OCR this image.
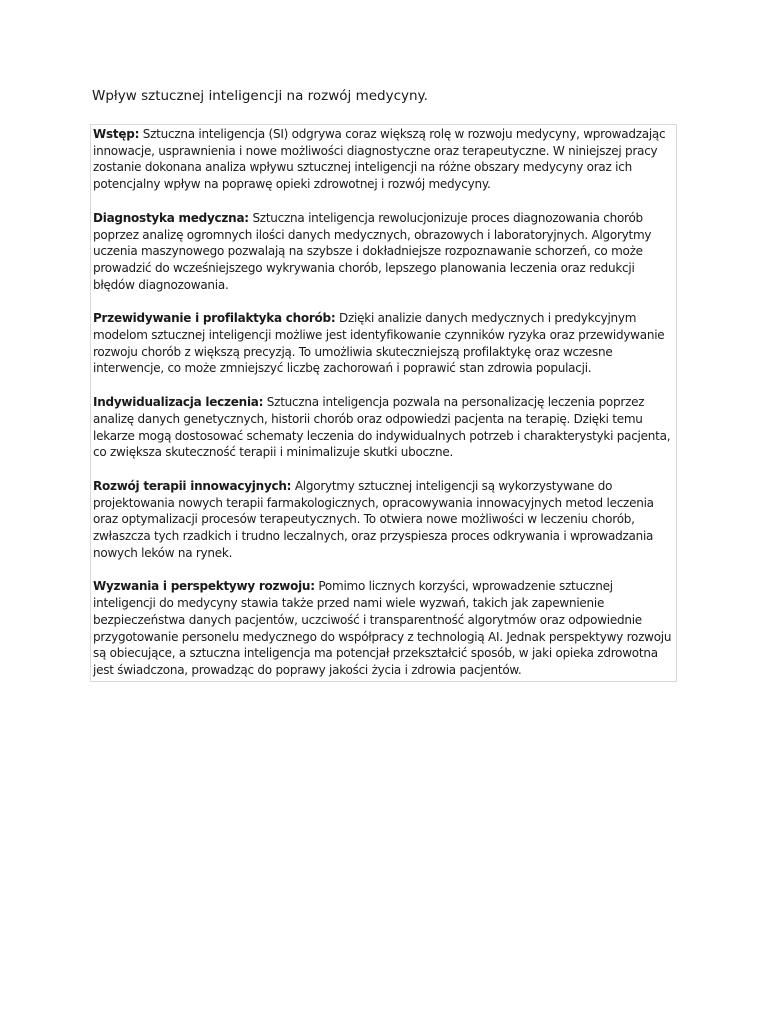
Wpływ sztucznej inteligencji na rozwój medycyny.

Wstęp: Sztuczna inteligencja (SI) odgrywa coraz większą rolę w rozwoju medycyny, wprowadzając innowacje, usprawnienia i nowe możliwości diagnostyczne oraz terapeutyczne. W niniejszej pracy zostanie dokonana analiza wpływu sztucznej inteligencji na różne obszary medycyny oraz ich potencjalny wpływ na poprawę opieki zdrowotnej i rozwój medycyny.

Diagnostyka medyczna: Sztuczna inteligencja rewolucjonizuje proces diagnozowania chorób poprzez analizę ogromnych ilości danych medycznych, obrazowych i laboratoryjnych. Algorytmy uczenia maszynowego pozwalają na szybsze i dokładniejsze rozpoznawanie schorzeń, co może prowadzić do wcześniejszego wykrywania chorób, lepszego planowania leczenia oraz redukcji błędów diagnozowania.

Przewidywanie i profilaktyka chorób: Dzięki analizie danych medycznych i predykcyjnym modelom sztucznej inteligencji możliwe jest identyfikowanie czynników ryzyka oraz przewidywanie rozwoju chorób z większą precyzją. To umożliwia skuteczniejszą profilaktykę oraz wczesne interwencje, co może zmniejszyć liczbę zachorowań i poprawić stan zdrowia populacji.

Indywidualizacja leczenia: Sztuczna inteligencja pozwala na personalizację leczenia poprzez analizę danych genetycznych, historii chorób oraz odpowiedzi pacjenta na terapię. Dzięki temu lekarze mogą dostosować schematy leczenia do indywidualnych potrzeb i charakterystyki pacjenta, co zwiększa skuteczność terapii i minimalizuje skutki uboczne.

Rozwój terapii innowacyjnych: Algorytmy sztucznej inteligencji są wykorzystywane do projektowania nowych terapii farmakologicznych, opracowywania innowacyjnych metod leczenia oraz optymalizacji procesów terapeutycznych. To otwiera nowe możliwości w leczeniu chorób, zwłaszcza tych rzadkich i trudno leczalnych, oraz przyspiesza proces odkrywania i wprowadzania nowych leków na rynek.

Wyzwania i perspektywy rozwoju: Pomimo licznych korzyści, wprowadzenie sztucznej inteligencji do medycyny stawia także przed nami wiele wyzwań, takich jak zapewnienie bezpieczeństwa danych pacjentów, uczciwość i transparentność algorytmów oraz odpowiednie przygotowanie personelu medycznego do współpracy z technologią AI. Jednak perspektywy rozwoju są obiecujące, a sztuczna inteligencja ma potencjał przekształcić sposób, w jaki opieka zdrowotna jest świadczona, prowadząc do poprawy jakości życia i zdrowia pacjentów.
